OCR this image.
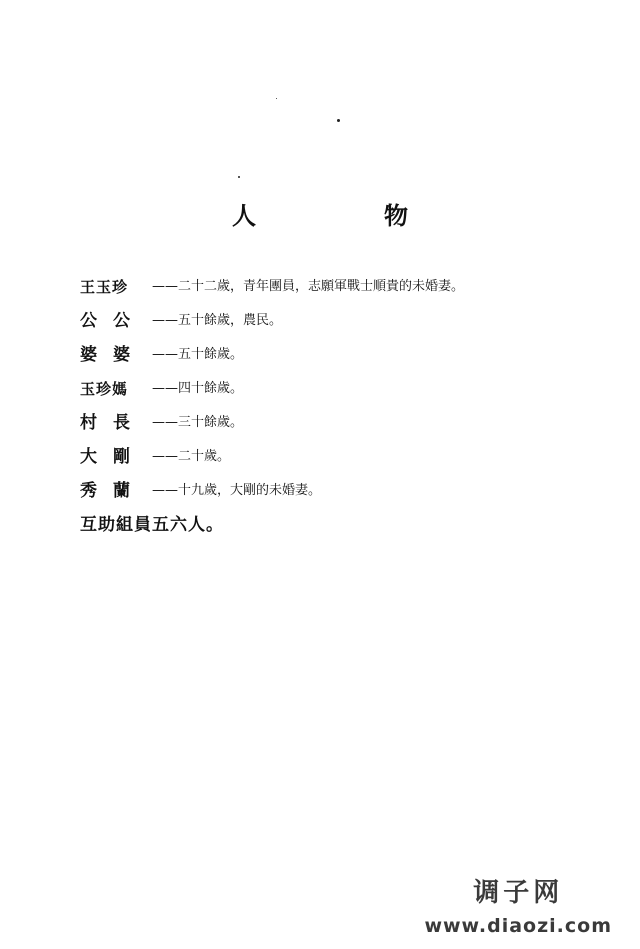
人　物
王玉珍 ——二十二歲，青年團員，志願軍戰士順貴的未婚妻。
公公 ——五十餘歲，農民。
婆婆 ——五十餘歲。
玉珍媽 ——四十餘歲。
村長 ——三十餘歲。
大剛 ——二十歲。
秀蘭 ——十九歲，大剛的未婚妻。
互助組員五六人。
调子网
www.diaozi.com
